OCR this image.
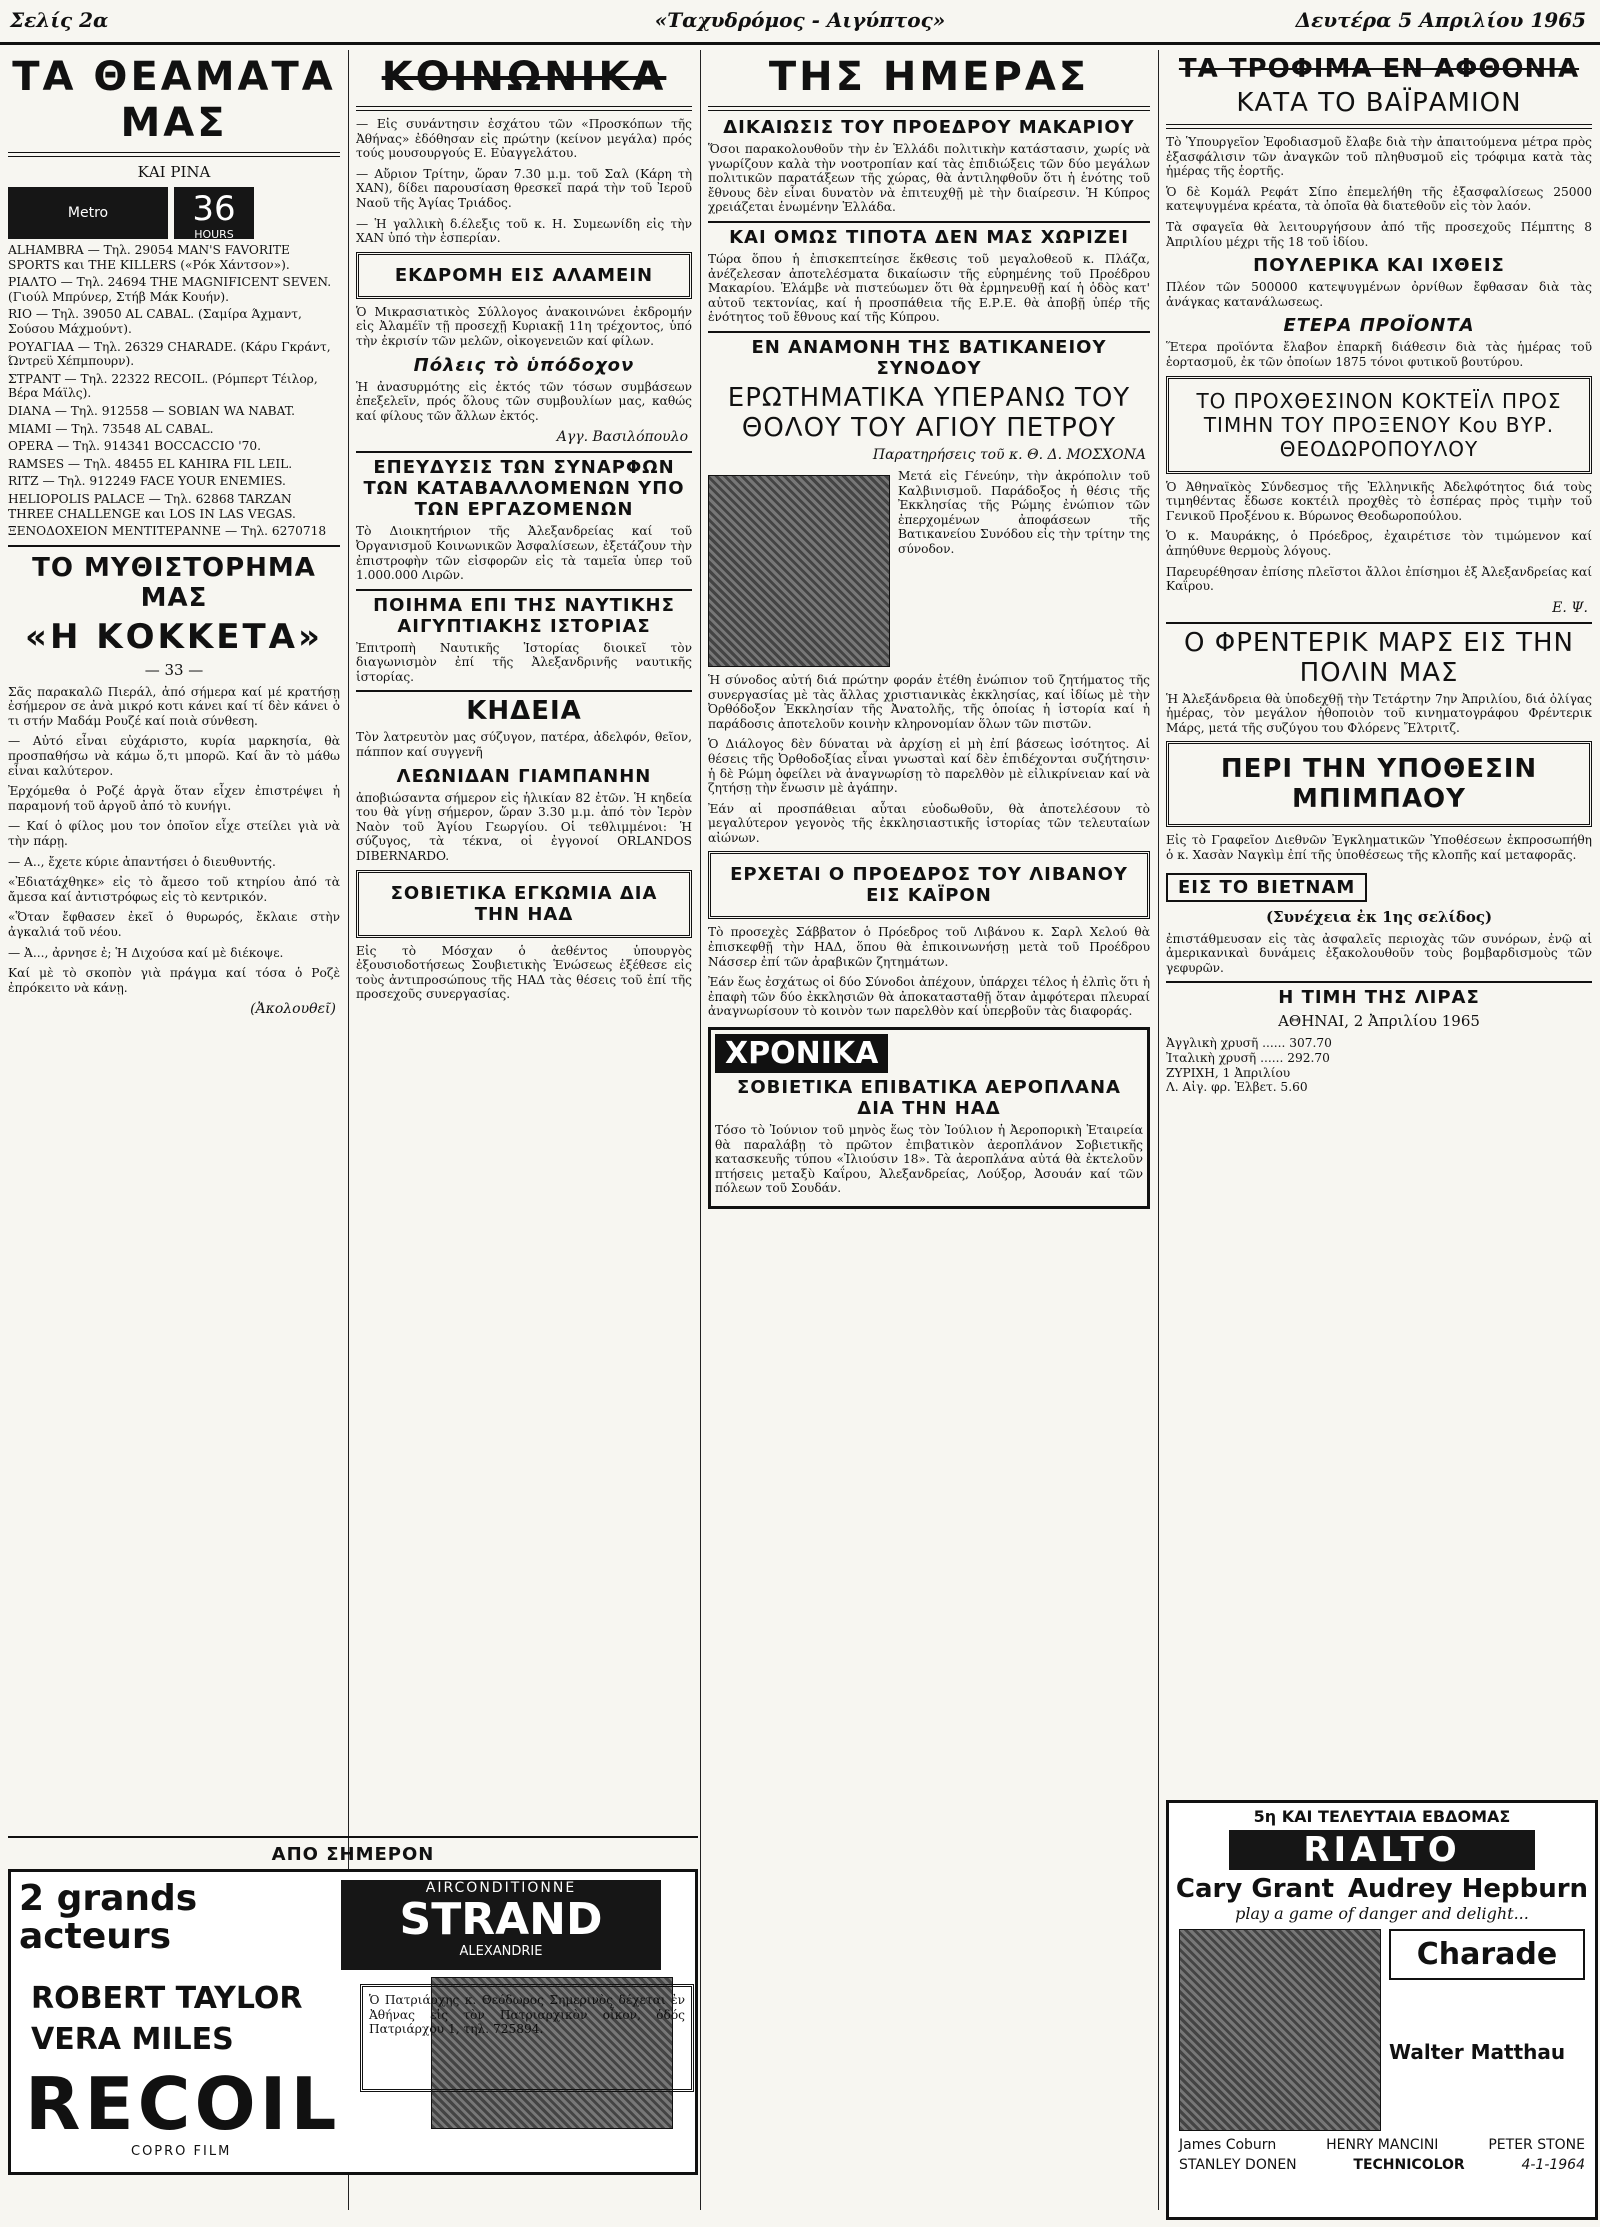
Σελίς 2α	«Ταχυδρόμος - Αιγύπτος»	Δευτέρα 5 Απριλίου 1965
ΤΑ ΘΕΑΜΑΤΑ ΜΑΣ
ΚΑΙ ΡΙΝΑ
Metro	36
HOURS

ALHAMBRA — Τηλ. 29054 MAN'S FAVORITE SPORTS και THE KILLERS («Ρόκ Χάντσον»).

ΡΙΑΛΤΟ — Τηλ. 24694 THE MAGNIFICENT SEVEN. (Γιούλ Μπρύνερ, Στήβ Μάκ Κουήν).

RIO — Τηλ. 39050 AL CABAL. (Σαμίρα Άχμαντ, Σούσου Μάχμούντ).

ΡΟΥΑΓΙΑΑ — Τηλ. 26329 CHARADE. (Κάρυ Γκράντ, Ώντρεϋ Χέπμπουρν).

ΣΤΡΑΝΤ — Τηλ. 22322 RECOIL. (Ρόμπερτ Τέιλορ, Βέρα Μάϊλς).

DIANA — Τηλ. 912558 — SOBIAN WA NABAT.

MIAMI — Τηλ. 73548 AL CABAL.

OPERA — Τηλ. 914341 BOCCACCIO '70.

RAMSES — Τηλ. 48455 EL KAHIRA FIL LEIL.

RITZ — Τηλ. 912249 FACE YOUR ENEMIES.

HELIOPOLIS PALACE — Τηλ. 62868 TARZAN THREE CHALLENGE και LOS IN LAS VEGAS.

ΞΕΝΟΔΟΧΕΙΟΝ ΜΕΝΤΙΤΕΡΑΝΝΕ — Τηλ. 6270718

ΤΟ ΜΥΘΙΣΤΟΡΗΜΑ ΜΑΣ
«Η ΚΟΚΚΕΤΑ»
— 33 —

Σᾶς παρακαλῶ Πιεράλ, ἀπό σήμερα καί μέ κρατήσῃ ἐσήμερον σε ἀνὰ μικρό κοτι κάνει καί τί δὲν κάνει ὁ τι στήν Μαδάμ Ρουζέ καί ποιὰ σύνθεση.

— Αὐτό εἶναι εὐχάριστο, κυρία μαρκησία, θὰ προσπαθήσω νὰ κάμω ὅ,τι μπορῶ. Καί ἂν τὸ μάθω εἶναι καλύτερον.

Ἐρχόμεθα ὁ Ροζέ ἀργὰ ὅταν εἶχεν ἐπιστρέψει ἡ παραμονή τοῦ ἀργοῦ ἀπό τὸ κυνήγι.

— Καί ὁ φίλος μου τον ὁποῖον εἶχε στείλει γιὰ νὰ τὴν πάρῃ.

— Α.., ἔχετε κύριε ἀπαντήσει ὁ διευθυντής.

«Ἐδιατάχθηκε» εἰς τὸ ἄμεσο τοῦ κτηρίου ἀπό τὰ ἄμεσα καί ἀντιστρόφως εἰς τὸ κεντρικόν.

«Ὅταν ἔφθασεν ἐκεῖ ὁ θυρωρός, ἔκλαιε στὴν ἀγκαλιά τοῦ νέου.

— Ἀ..., ἀρνησε ἐ; Ἡ Διχούσα καί μὲ διέκοψε.

Καί μὲ τὸ σκοπὸν γιὰ πράγμα καί τόσα ὁ Ροζὲ ἐπρόκειτο νὰ κάνῃ.

(Ἀκολουθεῖ)
ΑΠΟ ΣΗΜΕΡΟΝ
2 grands acteurs
AIRCONDITIONNE
STRAND
ALEXANDRIE
ROBERT TAYLOR
VERA MILES
RECOIL
COPRO FILM
ΚΟΙΝΩΝΙΚΑ

— Εἰς συνάντησιν ἐσχάτου τῶν «Προσκόπων τῆς Ἀθήνας» ἐδόθησαν εἰς πρώτην (κείνον μεγάλα) πρός τούς μουσουργούς Ε. Εὐαγγελάτου.

— Αὔριον Τρίτην, ὥραν 7.30 μ.μ. τοῦ Σαλ (Κάρη τὴ ΧΑΝ), δίδει παρουσίαση θρεσκεῖ παρά τὴν τοῦ Ἰεροῦ Ναοῦ τῆς Ἁγίας Τριάδος.

— Ἡ γαλλικὴ δ.έλεξις τοῦ κ. Η. Συμεωνίδη εἰς τὴν ΧΑΝ ὑπό τὴν ἐσπερίαν.

ΕΚΔΡΟΜΗ ΕΙΣ ΑΛΑΜΕΙΝ

Ὁ Μικρασιατικὸς Σύλλογος ἀνακοινώνει ἐκδρομήν εἰς Ἀλαμέϊν τῇ προσεχῇ Κυριακῇ 11η τρέχοντος, ὑπό τὴν ἐκρισίν τῶν μελῶν, οἰκογενειῶν καί φίλων.

Πόλεις τὸ ὑπόδοχον

Ἡ ἀνασυρμότης εἰς ἐκτός τῶν τόσων συμβάσεων ἐπεξελεῖν, πρός ὅλους τῶν συμβουλίων μας, καθώς καί φίλους τῶν ἄλλων ἐκτός.

Αγγ. Βασιλόπουλο
ΕΠΕΥΔΥΣΙΣ ΤΩΝ ΣΥΝΑΡΦΩΝ ΤΩΝ ΚΑΤΑΒΑΛΛΟΜΕΝΩΝ ΥΠΟ ΤΩΝ ΕΡΓΑΖΟΜΕΝΩΝ

Τὸ Διοικητήριον τῆς Ἀλεξανδρείας καί τοῦ Ὀργανισμοῦ Κοινωνικῶν Ἀσφαλίσεων, ἐξετάζουν τὴν ἐπιστροφὴν τῶν εἰσφορῶν εἰς τὰ ταμεῖα ὑπερ τοῦ 1.000.000 Λιρῶν.

ΠΟΙΗΜΑ ΕΠΙ ΤΗΣ ΝΑΥΤΙΚΗΣ ΑΙΓΥΠΤΙΑΚΗΣ ΙΣΤΟΡΙΑΣ

Ἐπιτροπὴ Ναυτικῆς Ἱστορίας διοικεῖ τὸν διαγωνισμὸν ἐπί τῆς Ἀλεξανδρινῆς ναυτικῆς ἱστορίας.

ΚΗΔΕΙΑ

Τὸν λατρευτὸν μας σύζυγον, πατέρα, ἀδελφόν, θεῖον, πάππον καί συγγενῆ

ΛΕΩΝΙΔΑΝ ΓΙΑΜΠΑΝΗΝ

ἀποβιώσαντα σήμερον εἰς ἡλικίαν 82 ἐτῶν. Ἡ κηδεία του θὰ γίνῃ σήμερον, ὥραν 3.30 μ.μ. ἀπό τὸν Ἱερὸν Ναὸν τοῦ Ἁγίου Γεωργίου. Οἱ τεθλιμμένοι: Ἡ σύζυγος, τὰ τέκνα, οἱ ἐγγονοί ORLANDOS DIBERNARDO.

ΣΟΒΙΕΤΙΚΑ ΕΓΚΩΜΙΑ ΔΙΑ ΤΗΝ ΗΑΔ

Εἰς τὸ Μόσχαν ὁ ἀεθέντος ὑπουργὸς ἐξουσιοδοτήσεως Σουβιετικὴς Ἑνώσεως ἐξέθεσε εἰς τοὺς ἀντιπροσώπους τῆς ΗΑΔ τὰς θέσεις τοῦ ἐπί τῆς προσεχοῦς συνεργασίας.

Ὁ Πατριάρχης κ. Θεόδωρος Σημερινὸς δέχεται ἐν Ἀθήνας εἰς τὸν Πατριαρχικὸν οἶκον, ὁδός Πατριάρχου 1, τηλ. 725894.

ΤΗΣ ΗΜΕΡΑΣ
ΔΙΚΑΙΩΣΙΣ ΤΟΥ ΠΡΟΕΔΡΟΥ ΜΑΚΑΡΙΟΥ

Ὅσοι παρακολουθοῦν τὴν ἐν Ἑλλάδι πολιτικὴν κατάστασιν, χωρίς νὰ γνωρίζουν καλὰ τὴν νοοτροπίαν καί τὰς ἐπιδιώξεις τῶν δύο μεγάλων πολιτικῶν παρατάξεων τῆς χώρας, θὰ ἀντιληφθοῦν ὅτι ἡ ἑνότης τοῦ ἔθνους δὲν εἶναι δυνατὸν νὰ ἐπιτευχθῇ μὲ τὴν διαίρεσιν. Ἡ Κύπρος χρειάζεται ἑνωμένην Ἑλλάδα.

ΚΑΙ ΟΜΩΣ ΤΙΠΟΤΑ ΔΕΝ ΜΑΣ ΧΩΡΙΖΕΙ

Τώρα ὅπου ἡ ἐπισκεπτείησε ἕκθεσις τοῦ μεγαλοθεοῦ κ. Πλάζα, ἀνέζελεσαν ἀποτελέσματα δικαίωσιν τῆς εὑρημένης τοῦ Προέδρου Μακαρίου. Ἐλάμβε νὰ πιστεύωμεν ὅτι θὰ ἐρμηνευθῇ καί ἡ ὁδὸς κατ' αὐτοῦ τεκτονίας, καί ἡ προσπάθεια τῆς Ε.Ρ.Ε. θὰ ἀποβῇ ὑπέρ τῆς ἑνότητος τοῦ ἔθνους καί τῆς Κύπρου.

ΕΝ ΑΝΑΜΟΝΗ ΤΗΣ ΒΑΤΙΚΑΝΕΙΟΥ ΣΥΝΟΔΟΥ
ΕΡΩΤΗΜΑΤΙΚΑ ΥΠΕΡΑΝΩ ΤΟΥ ΘΟΛΟΥ ΤΟΥ ΑΓΙΟΥ ΠΕΤΡΟΥ
Παρατηρήσεις τοῦ κ. Θ. Δ. ΜΟΣΧΟΝΑ

Μετά εἰς Γένεύην, τὴν ἀκρόπολιν τοῦ Καλβινισμοῦ. Παράδοξος ἡ θέσις τῆς Ἐκκλησίας τῆς Ρώμης ἐνώπιον τῶν ἐπερχομένων ἀποφάσεων τῆς Βατικανείου Συνόδου εἰς τὴν τρίτην της σύνοδον.

Ἡ σύνοδος αὐτή διά πρώτην φοράν ἐτέθη ἐνώπιον τοῦ ζητήματος τῆς συνεργασίας μὲ τὰς ἄλλας χριστιανικὰς ἐκκλησίας, καί ἰδίως μὲ τὴν Ὀρθόδοξον Ἐκκλησίαν τῆς Ἀνατολῆς, τῆς ὁποίας ἡ ἱστορία καί ἡ παράδοσις ἀποτελοῦν κοινὴν κληρονομίαν ὅλων τῶν πιστῶν.

Ὁ Διάλογος δὲν δύναται νὰ ἀρχίσῃ εἰ μὴ ἐπί βάσεως ἰσότητος. Αἱ θέσεις τῆς Ὀρθοδοξίας εἶναι γνωσταὶ καί δὲν ἐπιδέχονται συζήτησιν· ἡ δὲ Ρώμη ὀφείλει νὰ ἀναγνωρίσῃ τὸ παρελθὸν μὲ εἰλικρίνειαν καί νὰ ζητήσῃ τὴν ἕνωσιν μὲ ἀγάπην.

Ἐάν αἱ προσπάθειαι αὗται εὐοδωθοῦν, θὰ ἀποτελέσουν τὸ μεγαλύτερον γεγονὸς τῆς ἐκκλησιαστικῆς ἱστορίας τῶν τελευταίων αἰώνων.

ΕΡΧΕΤΑΙ Ο ΠΡΟΕΔΡΟΣ ΤΟΥ ΛΙΒΑΝΟΥ ΕΙΣ ΚΑΪΡΟΝ

Τὸ προσεχὲς Σάββατον ὁ Πρόεδρος τοῦ Λιβάνου κ. Σαρλ Χελού θὰ ἐπισκεφθῇ τὴν ΗΑΔ, ὅπου θὰ ἐπικοινωνήσῃ μετὰ τοῦ Προέδρου Νάσσερ ἐπί τῶν ἀραβικῶν ζητημάτων.

Ἐάν ἕως ἐσχάτως οἱ δύο Σύνοδοι ἀπέχουν, ὑπάρχει τέλος ἡ ἐλπὶς ὅτι ἡ ἐπαφὴ τῶν δύο ἐκκλησιῶν θὰ ἀποκατασταθῇ ὅταν ἀμφότεραι πλευραί ἀναγνωρίσουν τὸ κοινὸν των παρελθὸν καί ὑπερβοῦν τὰς διαφοράς.

ΧΡΟΝΙΚΑ
ΣΟΒΙΕΤΙΚΑ ΕΠΙΒΑΤΙΚΑ ΑΕΡΟΠΛΑΝΑ ΔΙΑ ΤΗΝ ΗΑΔ

Τόσο τὸ Ἰούνιον τοῦ μηνὸς ἕως τὸν Ἰούλιον ἡ Ἀεροπορικὴ Ἑταιρεία θὰ παραλάβῃ τὸ πρῶτον ἐπιβατικὸν ἀεροπλάνον Σοβιετικῆς κατασκευῆς τύπου «Ἰλιούσιν 18». Τὰ ἀεροπλάνα αὐτά θὰ ἐκτελοῦν πτήσεις μεταξὺ Καΐρου, Ἀλεξανδρείας, Λούξορ, Ἀσουάν καί τῶν πόλεων τοῦ Σουδάν.

ΤΑ ΤΡΟΦΙΜΑ ΕΝ ΑΦΘΟΝΙΑ
ΚΑΤΑ ΤΟ ΒΑΪΡΑΜΙΟΝ

Τὸ Ὑπουργεῖον Ἐφοδιασμοῦ ἔλαβε διὰ τὴν ἀπαιτούμενα μέτρα πρὸς ἐξασφάλισιν τῶν ἀναγκῶν τοῦ πληθυσμοῦ εἰς τρόφιμα κατὰ τὰς ἡμέρας τῆς ἑορτῆς.

Ὁ δὲ Κομάλ Ρεφάτ Σίπο ἐπεμελήθη τῆς ἐξασφαλίσεως 25000 κατεψυγμένα κρέατα, τὰ ὁποῖα θὰ διατεθοῦν εἰς τὸν λαόν.

Τὰ σφαγεῖα θὰ λειτουργήσουν ἀπό τῆς προσεχοῦς Πέμπτης 8 Ἀπριλίου μέχρι τῆς 18 τοῦ ἰδίου.

ΠΟΥΛΕΡΙΚΑ ΚΑΙ ΙΧΘΕΙΣ

Πλέον τῶν 500000 κατεψυγμένων ὀρνίθων ἔφθασαν διὰ τὰς ἀνάγκας κατανάλωσεως.

ΕΤΕΡΑ ΠΡΟΪΟΝΤΑ

Ἕτερα προϊόντα ἔλαβον ἐπαρκῆ διάθεσιν διὰ τὰς ἡμέρας τοῦ ἑορτασμοῦ, ἐκ τῶν ὁποίων 1875 τόνοι φυτικοῦ βουτύρου.

ΤΟ ΠΡΟΧΘΕΣΙΝΟΝ ΚΟΚΤΕΪΛ ΠΡΟΣ ΤΙΜΗΝ ΤΟΥ ΠΡΟΞΕΝΟΥ Κου ΒΥΡ. ΘΕΟΔΩΡΟΠΟΥΛΟΥ

Ὁ Ἀθηναϊκὸς Σύνδεσμος τῆς Ἑλληνικῆς Ἀδελφότητος διά τοὺς τιμηθέντας ἔδωσε κοκτέιλ προχθὲς τὸ ἑσπέρας πρὸς τιμὴν τοῦ Γενικοῦ Προξένου κ. Βύρωνος Θεοδωροπούλου.

Ὁ κ. Μαυράκης, ὁ Πρόεδρος, ἐχαιρέτισε τὸν τιμώμενον καί ἀπηύθυνε θερμοὺς λόγους.

Παρευρέθησαν ἐπίσης πλεῖστοι ἄλλοι ἐπίσημοι ἐξ Ἀλεξανδρείας καί Καΐρου.

Ε. Ψ.
Ο ΦΡΕΝΤΕΡΙΚ ΜΑΡΣ ΕΙΣ ΤΗΝ ΠΟΛΙΝ ΜΑΣ

Ἡ Ἀλεξάνδρεια θὰ ὑποδεχθῇ τὴν Τετάρτην 7ην Ἀπριλίου, διά ὀλίγας ἡμέρας, τὸν μεγάλον ἠθοποιὸν τοῦ κινηματογράφου Φρέντερικ Μάρς, μετά τῆς συζύγου του Φλόρενς Ἔλτριτζ.

ΠΕΡΙ ΤΗΝ ΥΠΟΘΕΣΙΝ ΜΠΙΜΠΑΟΥ

Εἰς τὸ Γραφεῖον Διεθνῶν Ἐγκληματικῶν Ὑποθέσεων ἐκπροσωπήθη ὁ κ. Χασὰν Ναγκὶμ ἐπί τῆς ὑποθέσεως τῆς κλοπῆς καί μεταφορᾶς.

ΕΙΣ ΤΟ ΒΙΕΤΝΑΜ
(Συνέχεια ἐκ 1ης σελίδος)

ἐπιστάθμευσαν εἰς τὰς ἀσφαλεῖς περιοχὰς τῶν συνόρων, ἐνῷ αἱ ἀμερικανικαὶ δυνάμεις ἐξακολουθοῦν τοὺς βομβαρδισμοὺς τῶν γεφυρῶν.

Η ΤΙΜΗ ΤΗΣ ΛΙΡΑΣ
ΑΘΗΝΑΙ, 2 Ἀπριλίου 1965

Ἀγγλικὴ χρυσῆ ...... 307.70

Ἰταλικὴ χρυσῆ ...... 292.70

ΖΥΡΙΧΗ, 1 Ἀπριλίου

Λ. Αἰγ. φρ. Ἑλβετ. 5.60

5η ΚΑΙ ΤΕΛΕΥΤΑΙΑ ΕΒΔΟΜΑΣ
RIALTO
Cary Grant Audrey Hepburn
play a game of danger and delight...
Charade
Walter Matthau
James Coburn	HENRY MANCINI	PETER STONE
STANLEY DONEN	TECHNICOLOR	4-1-1964
